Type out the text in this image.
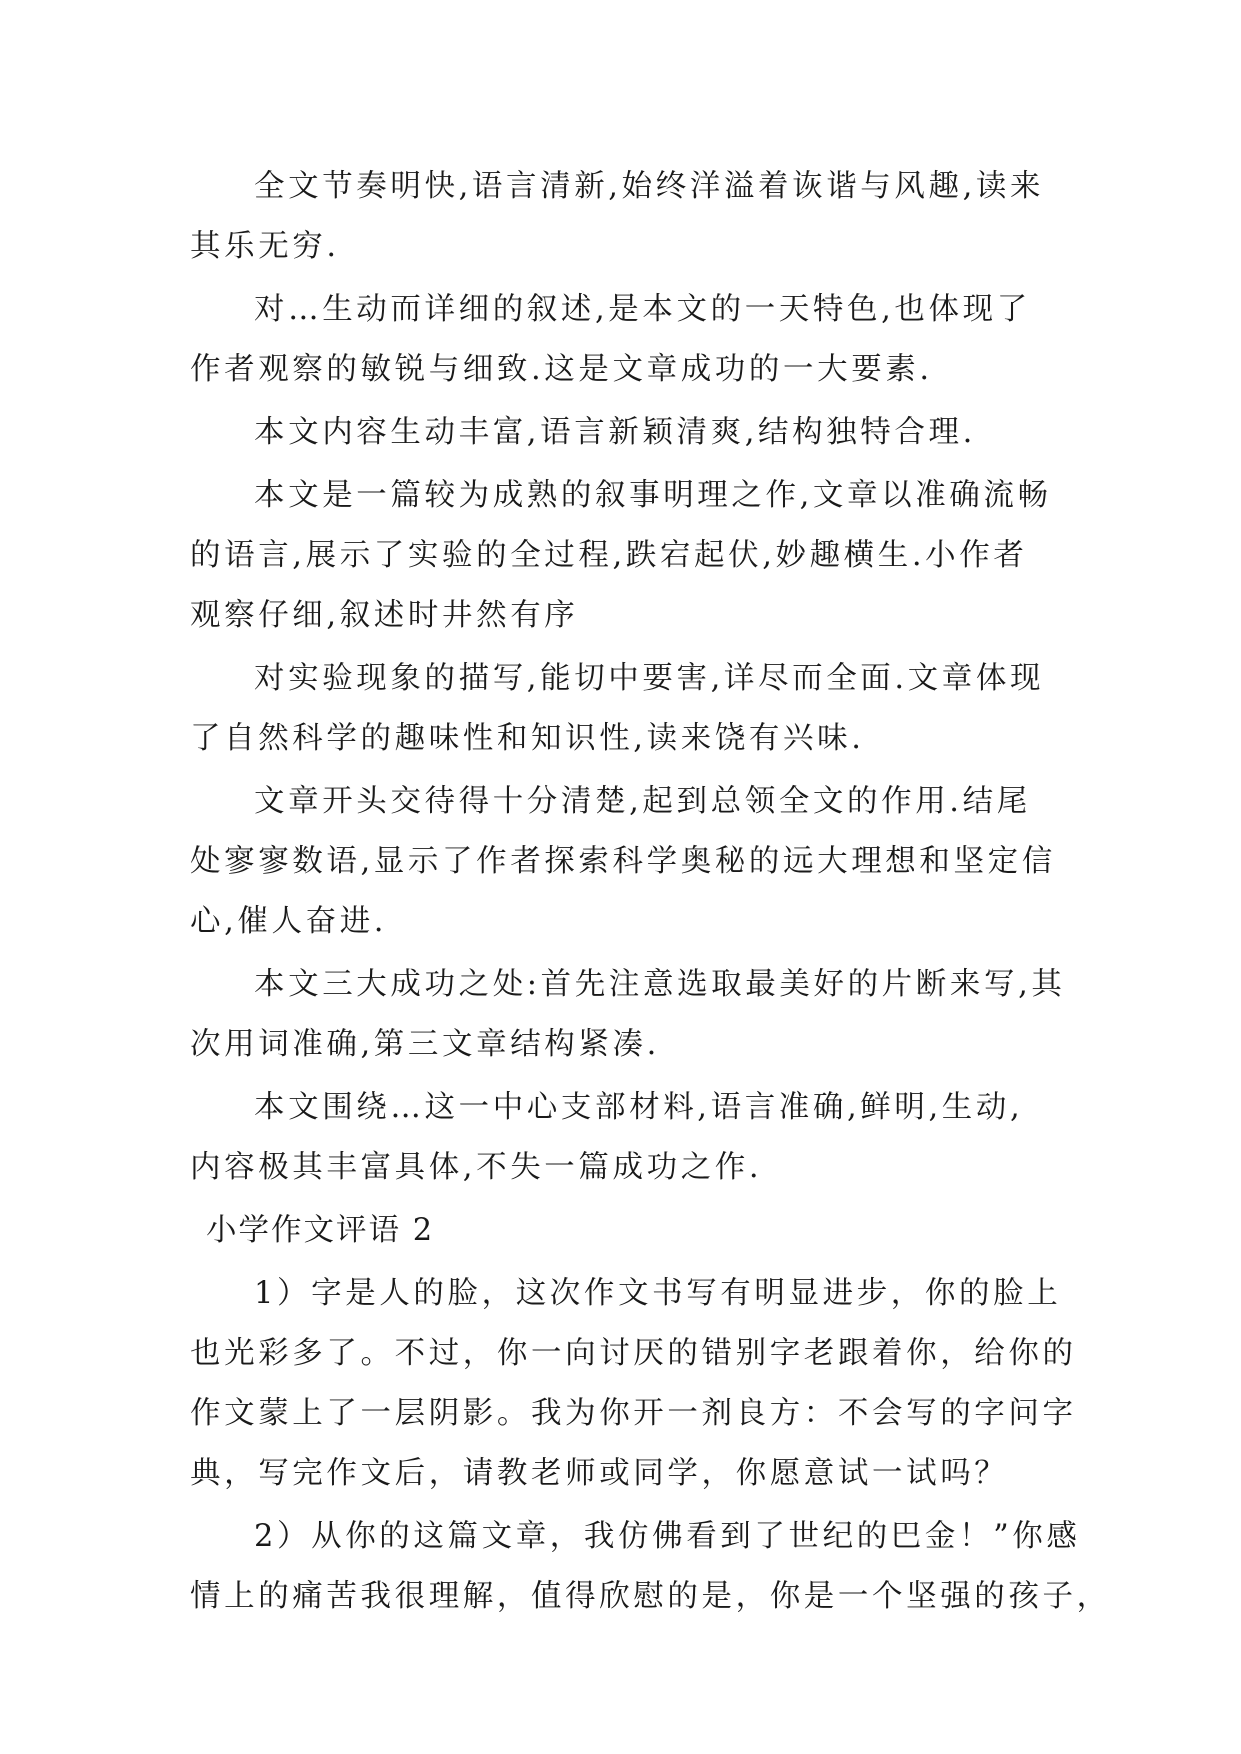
全文节奏明快,语言清新,始终洋溢着诙谐与风趣,读来
其乐无穷.
对…生动而详细的叙述,是本文的一天特色,也体现了
作者观察的敏锐与细致.这是文章成功的一大要素.
本文内容生动丰富,语言新颖清爽,结构独特合理.
本文是一篇较为成熟的叙事明理之作,文章以准确流畅
的语言,展示了实验的全过程,跌宕起伏,妙趣横生.小作者
观察仔细,叙述时井然有序
对实验现象的描写,能切中要害,详尽而全面.文章体现
了自然科学的趣味性和知识性,读来饶有兴味.
文章开头交待得十分清楚,起到总领全文的作用.结尾
处寥寥数语,显示了作者探索科学奥秘的远大理想和坚定信
心,催人奋进.
本文三大成功之处:首先注意选取最美好的片断来写,其
次用词准确,第三文章结构紧凑.
本文围绕…这一中心支部材料,语言准确,鲜明,生动,
内容极其丰富具体,不失一篇成功之作.
小学作文评语 2
1）字是人的脸，这次作文书写有明显进步，你的脸上
也光彩多了。不过，你一向讨厌的错别字老跟着你，给你的
作文蒙上了一层阴影。我为你开一剂良方：不会写的字问字
典，写完作文后，请教老师或同学，你愿意试一试吗？
2）从你的这篇文章，我仿佛看到了世纪的巴金！”你感
情上的痛苦我很理解，值得欣慰的是，你是一个坚强的孩子，
